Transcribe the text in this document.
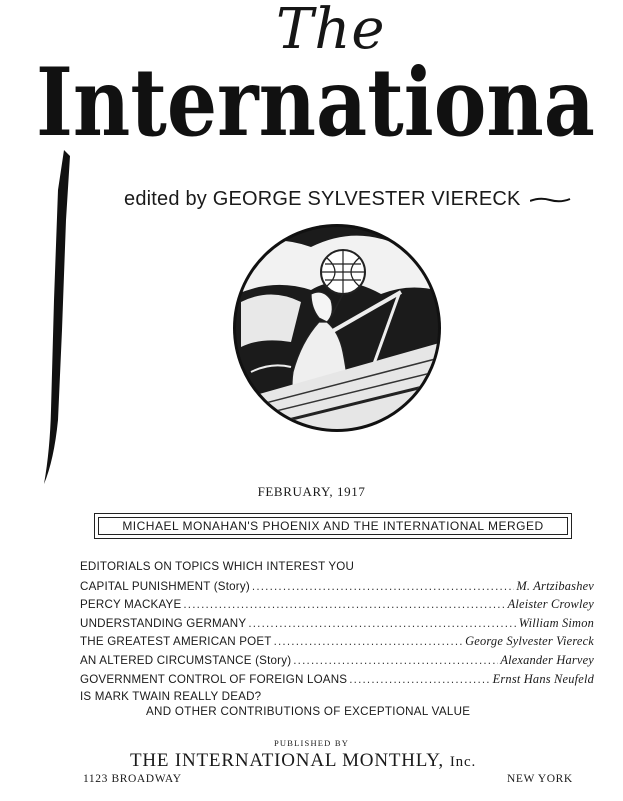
The
Internationa
edited by GEORGE SYLVESTER VIERECK
FEBRUARY, 1917
MICHAEL MONAHAN'S PHOENIX AND THE INTERNATIONAL MERGED
EDITORIALS ON TOPICS WHICH INTEREST YOU
CAPITAL PUNISHMENT (Story) .....	M. Artzibashev
PERCY MACKAYE .....	Aleister Crowley
UNDERSTANDING GERMANY .....	William Simon
THE GREATEST AMERICAN POET .....	George Sylvester Viereck
AN ALTERED CIRCUMSTANCE (Story) .....	Alexander Harvey
GOVERNMENT CONTROL OF FOREIGN LOANS .....	Ernst Hans Neufeld
IS MARK TWAIN REALLY DEAD?
AND OTHER CONTRIBUTIONS OF EXCEPTIONAL VALUE
PUBLISHED BY
THE INTERNATIONAL MONTHLY, Inc.
1123 BROADWAY	NEW YORK
